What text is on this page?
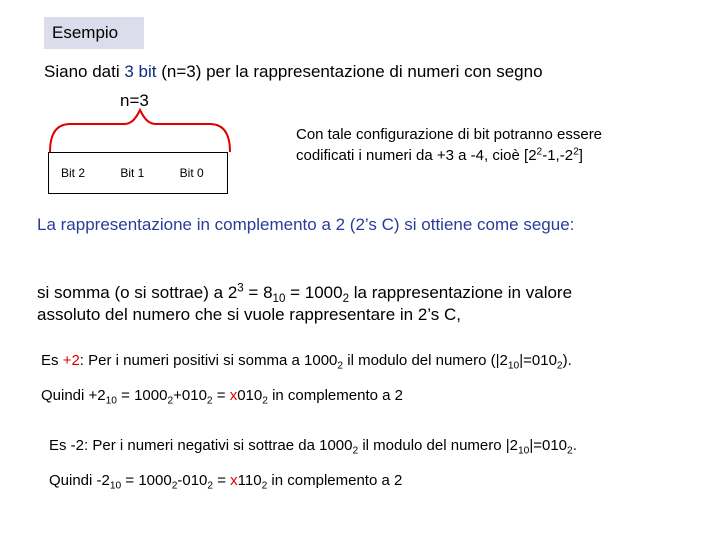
Esempio
Siano dati 3 bit (n=3) per la rappresentazione di numeri con segno
n=3
Bit 2	Bit 1	Bit 0
Con tale configurazione di bit potranno essere
codificati i numeri da +3 a -4, cioè $[2^2-1,-2^2]$
La rappresentazione in complemento a 2 (2’s C) si ottiene come segue:
si somma (o si sottrae) a $2^3 = 8_{10} = 1000_2$ la rappresentazione in valore
assoluto del numero che si vuole rappresentare in 2’s C,
Es +2: Per i numeri positivi si somma a $1000_2$ il modulo del numero $(|2_{10}|=010_2)$.
Quindi $+2_{10} = 1000_2+010_2 = x010_2$ in complemento a 2
Es -2: Per i numeri negativi si sottrae da $1000_2$ il modulo del numero $|2_{10}|=010_2$.
Quindi $-2_{10} = 1000_2-010_2 = x110_2$ in complemento a 2
